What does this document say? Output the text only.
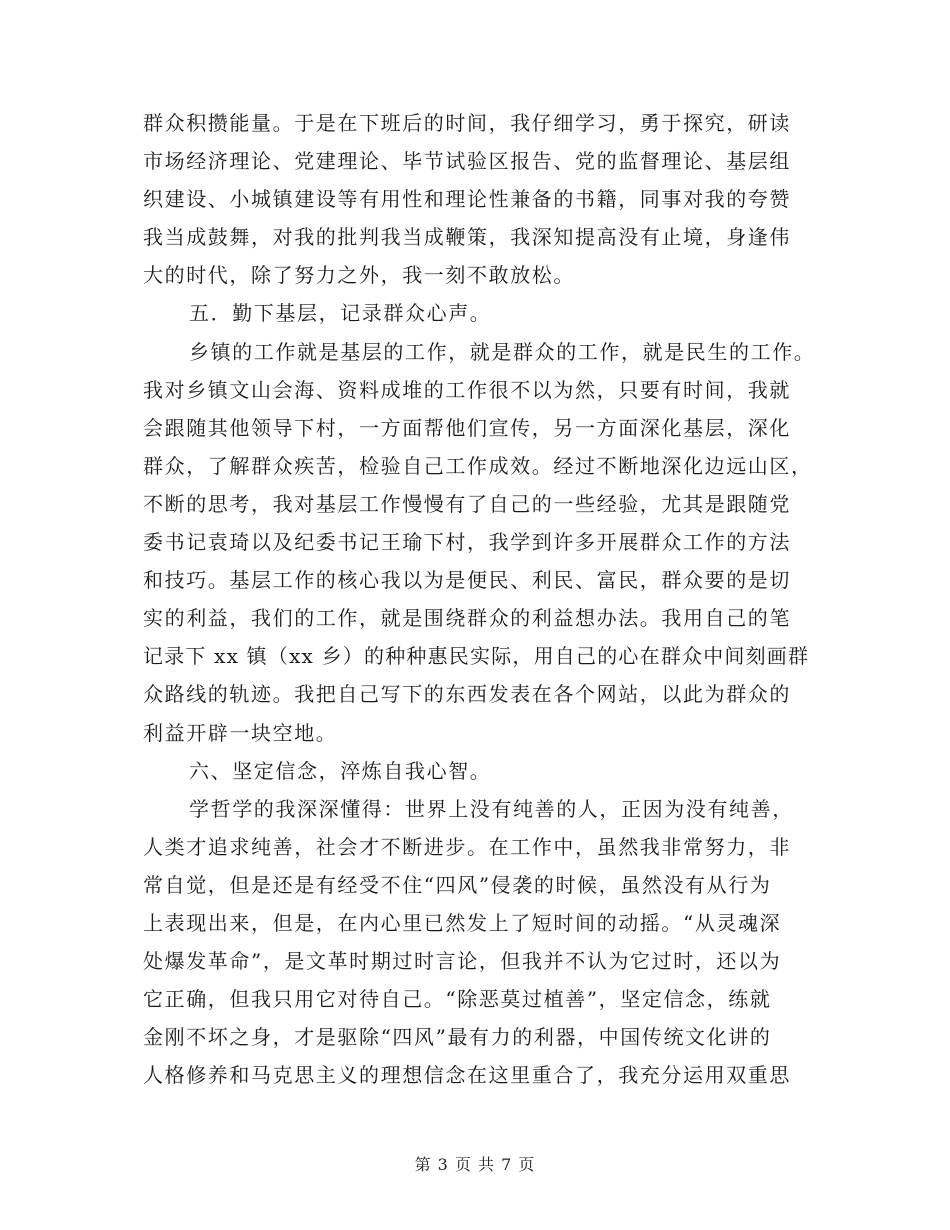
群众积攒能量。于是在下班后的时间，我仔细学习，勇于探究，研读
市场经济理论、党建理论、毕节试验区报告、党的监督理论、基层组
织建设、小城镇建设等有用性和理论性兼备的书籍，同事对我的夸赞
我当成鼓舞，对我的批判我当成鞭策，我深知提高没有止境，身逢伟
大的时代，除了努力之外，我一刻不敢放松。
五．勤下基层，记录群众心声。
乡镇的工作就是基层的工作，就是群众的工作，就是民生的工作。
我对乡镇文山会海、资料成堆的工作很不以为然，只要有时间，我就
会跟随其他领导下村，一方面帮他们宣传，另一方面深化基层，深化
群众，了解群众疾苦，检验自己工作成效。经过不断地深化边远山区，
不断的思考，我对基层工作慢慢有了自己的一些经验，尤其是跟随党
委书记袁琦以及纪委书记王瑜下村，我学到许多开展群众工作的方法
和技巧。基层工作的核心我以为是便民、利民、富民，群众要的是切
实的利益，我们的工作，就是围绕群众的利益想办法。我用自己的笔
记录下 xx 镇（xx 乡）的种种惠民实际，用自己的心在群众中间刻画群
众路线的轨迹。我把自己写下的东西发表在各个网站，以此为群众的
利益开辟一块空地。
六、坚定信念，淬炼自我心智。
学哲学的我深深懂得：世界上没有纯善的人，正因为没有纯善，
人类才追求纯善，社会才不断进步。在工作中，虽然我非常努力，非
常自觉，但是还是有经受不住“四风”侵袭的时候，虽然没有从行为
上表现出来，但是，在内心里已然发上了短时间的动摇。“从灵魂深
处爆发革命”，是文革时期过时言论，但我并不认为它过时，还以为
它正确，但我只用它对待自己。“除恶莫过植善”，坚定信念，练就
金刚不坏之身，才是驱除“四风”最有力的利器，中国传统文化讲的
人格修养和马克思主义的理想信念在这里重合了，我充分运用双重思
第 3 页 共 7 页
